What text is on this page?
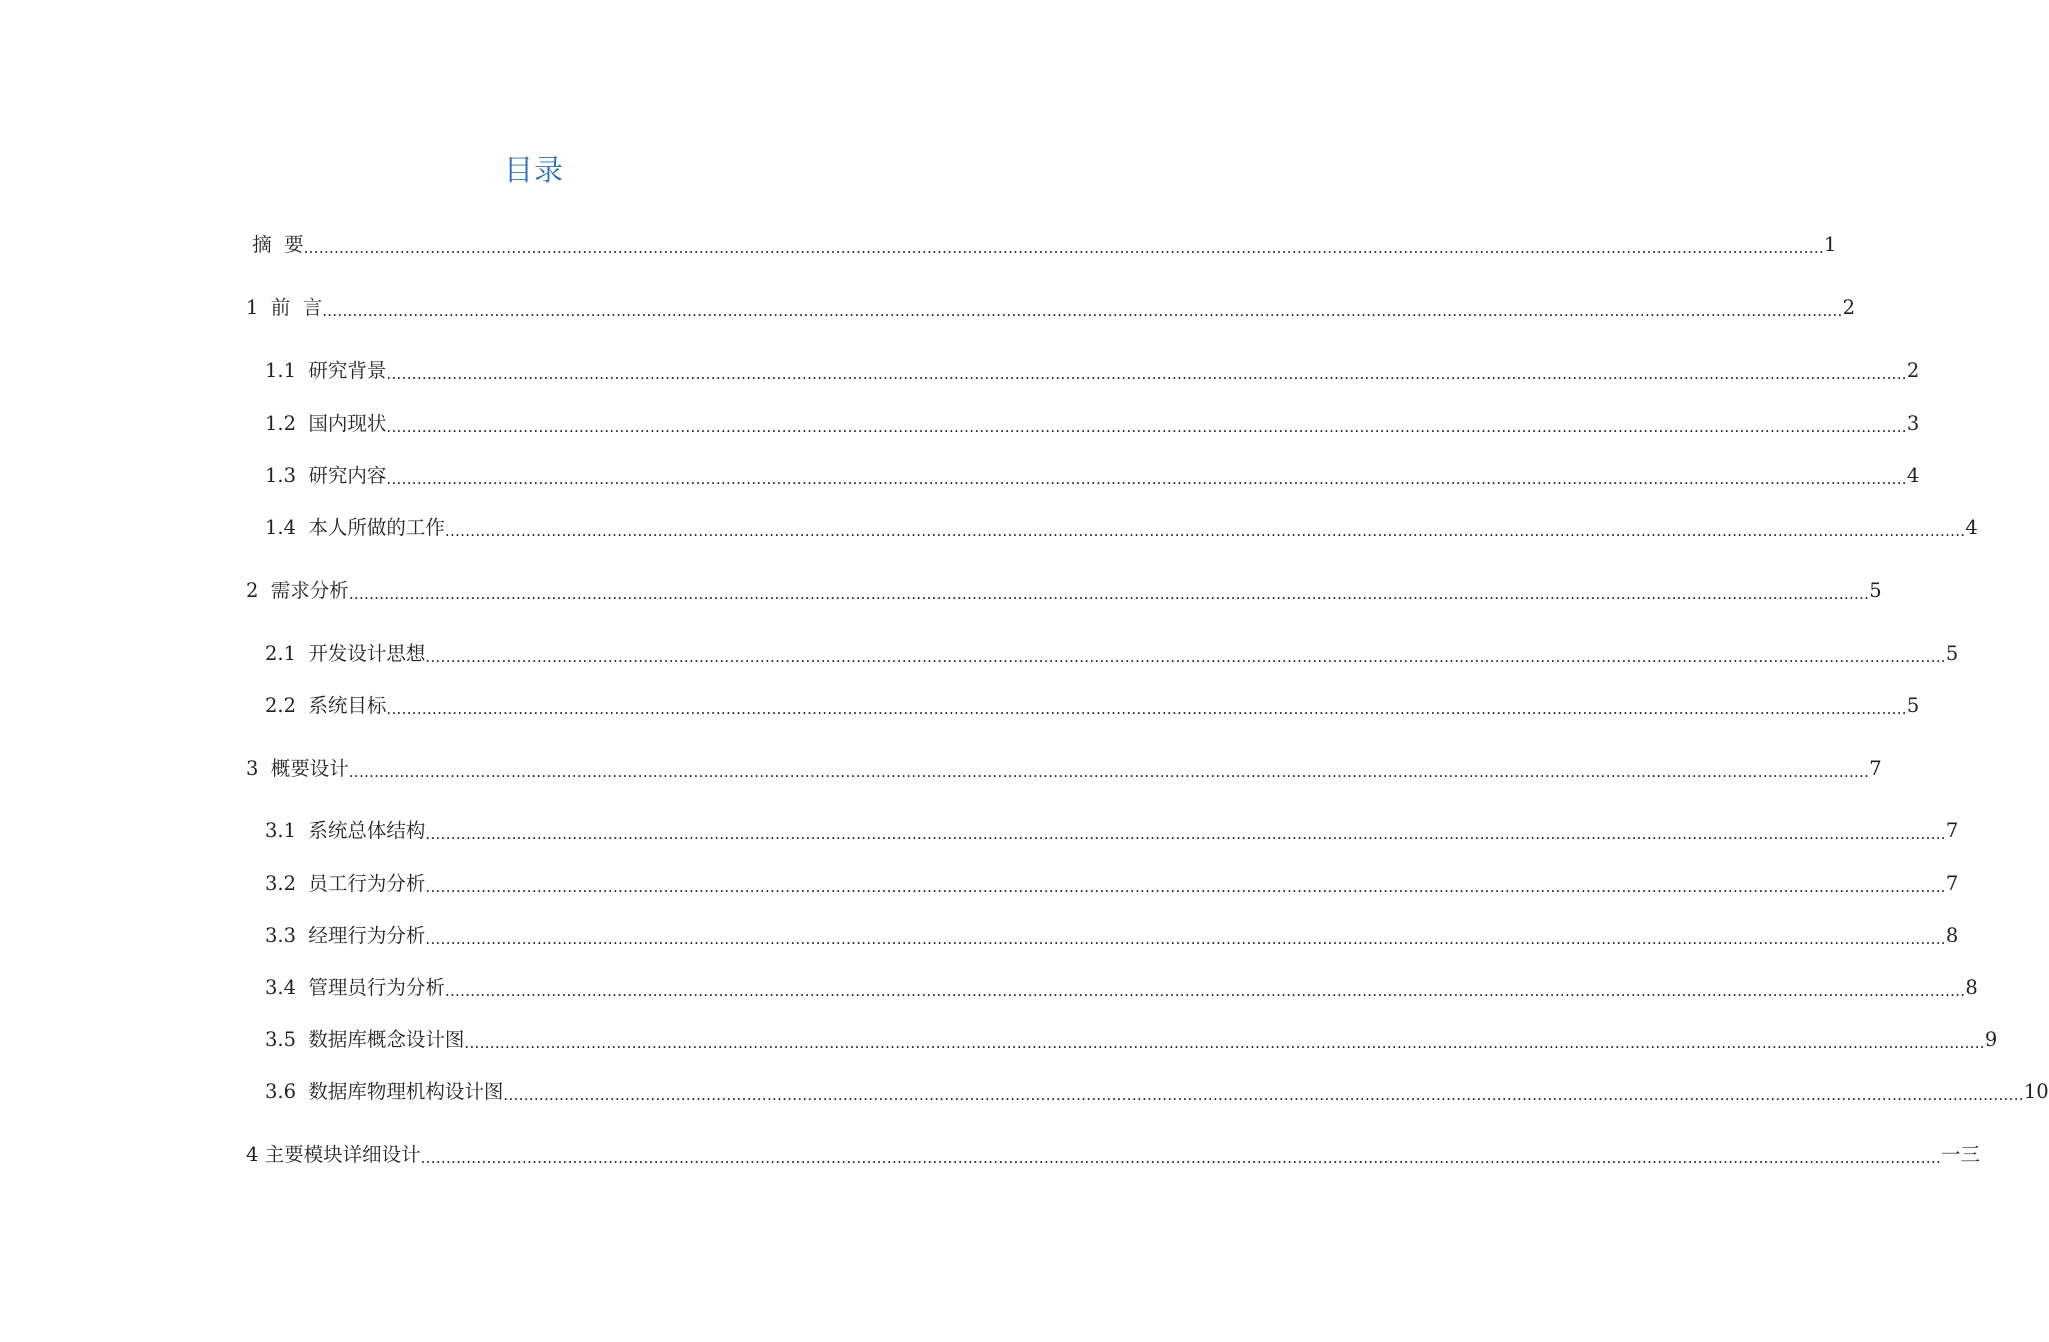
目录
摘  要 ............................................................................................................................................................................................................................................................................................................ 1
1  前  言 ............................................................................................................................................................................................................................................................................................................ 2
1.1  研究背景 ............................................................................................................................................................................................................................................................................................................ 2
1.2  国内现状 ............................................................................................................................................................................................................................................................................................................ 3
1.3  研究内容 ............................................................................................................................................................................................................................................................................................................ 4
1.4  本人所做的工作 ............................................................................................................................................................................................................................................................................................................ 4
2  需求分析 ............................................................................................................................................................................................................................................................................................................ 5
2.1  开发设计思想 ............................................................................................................................................................................................................................................................................................................ 5
2.2  系统目标 ............................................................................................................................................................................................................................................................................................................ 5
3  概要设计 ............................................................................................................................................................................................................................................................................................................ 7
3.1  系统总体结构 ............................................................................................................................................................................................................................................................................................................ 7
3.2  员工行为分析 ............................................................................................................................................................................................................................................................................................................ 7
3.3  经理行为分析 ............................................................................................................................................................................................................................................................................................................ 8
3.4  管理员行为分析 ............................................................................................................................................................................................................................................................................................................ 8
3.5  数据库概念设计图 ............................................................................................................................................................................................................................................................................................................ 9
3.6  数据库物理机构设计图 ............................................................................................................................................................................................................................................................................................................ 10
4 主要模块详细设计 ............................................................................................................................................................................................................................................................................................................ 一三
